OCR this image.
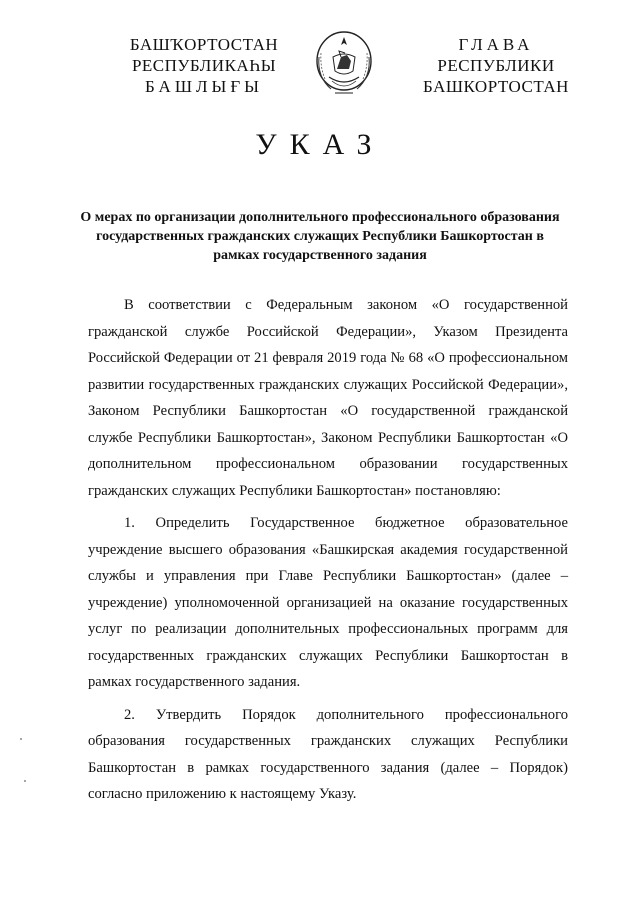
БАШҠОРТОСТАН
РЕСПУБЛИКАҺЫ
БАШЛЫҒЫ
ГЛАВА
РЕСПУБЛИКИ
БАШКОРТОСТАН
УКАЗ
О мерах по организации дополнительного профессионального образования государственных гражданских служащих Республики Башкортостан в рамках государственного задания

В соответствии с Федеральным законом «О государственной гражданской службе Российской Федерации», Указом Президента Российской Федерации от 21 февраля 2019 года № 68 «О профессиональном развитии государственных гражданских служащих Российской Федерации», Законом Республики Башкортостан «О государственной гражданской службе Республики Башкортостан», Законом Республики Башкортостан «О дополнительном профессиональном образовании государственных гражданских служащих Республики Башкортостан» постановляю:

1. Определить Государственное бюджетное образовательное учреждение высшего образования «Башкирская академия государственной службы и управления при Главе Республики Башкортостан» (далее – учреждение) уполномоченной организацией на оказание государственных услуг по реализации дополнительных профессиональных программ для государственных гражданских служащих Республики Башкортостан в рамках государственного задания.

2. Утвердить Порядок дополнительного профессионального образования государственных гражданских служащих Республики Башкортостан в рамках государственного задания (далее – Порядок) согласно приложению к настоящему Указу.
